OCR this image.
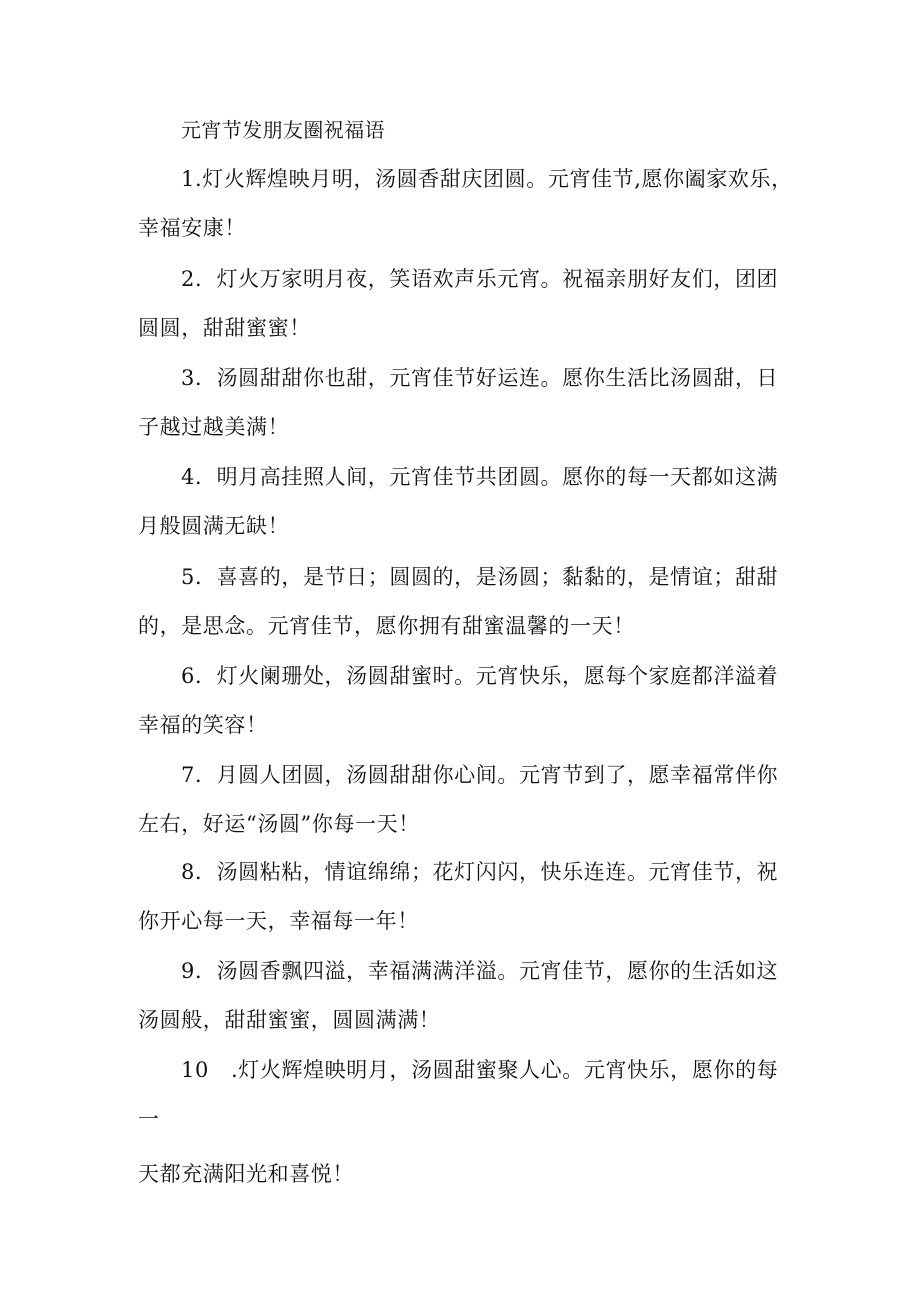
元宵节发朋友圈祝福语
1.灯火辉煌映月明，汤圆香甜庆团圆。元宵佳节,愿你阖家欢乐，
幸福安康！
2．灯火万家明月夜，笑语欢声乐元宵。祝福亲朋好友们，团团
圆圆，甜甜蜜蜜！
3．汤圆甜甜你也甜，元宵佳节好运连。愿你生活比汤圆甜，日
子越过越美满！
4．明月高挂照人间，元宵佳节共团圆。愿你的每一天都如这满
月般圆满无缺！
5．喜喜的，是节日；圆圆的，是汤圆；黏黏的，是情谊；甜甜
的，是思念。元宵佳节，愿你拥有甜蜜温馨的一天！
6．灯火阑珊处，汤圆甜蜜时。元宵快乐，愿每个家庭都洋溢着
幸福的笑容！
7．月圆人团圆，汤圆甜甜你心间。元宵节到了，愿幸福常伴你
左右，好运“汤圆”你每一天！
8．汤圆粘粘，情谊绵绵；花灯闪闪，快乐连连。元宵佳节，祝
你开心每一天，幸福每一年！
9．汤圆香飘四溢，幸福满满洋溢。元宵佳节，愿你的生活如这
汤圆般，甜甜蜜蜜，圆圆满满！
10 .灯火辉煌映明月，汤圆甜蜜聚人心。元宵快乐，愿你的每
一
天都充满阳光和喜悦！
